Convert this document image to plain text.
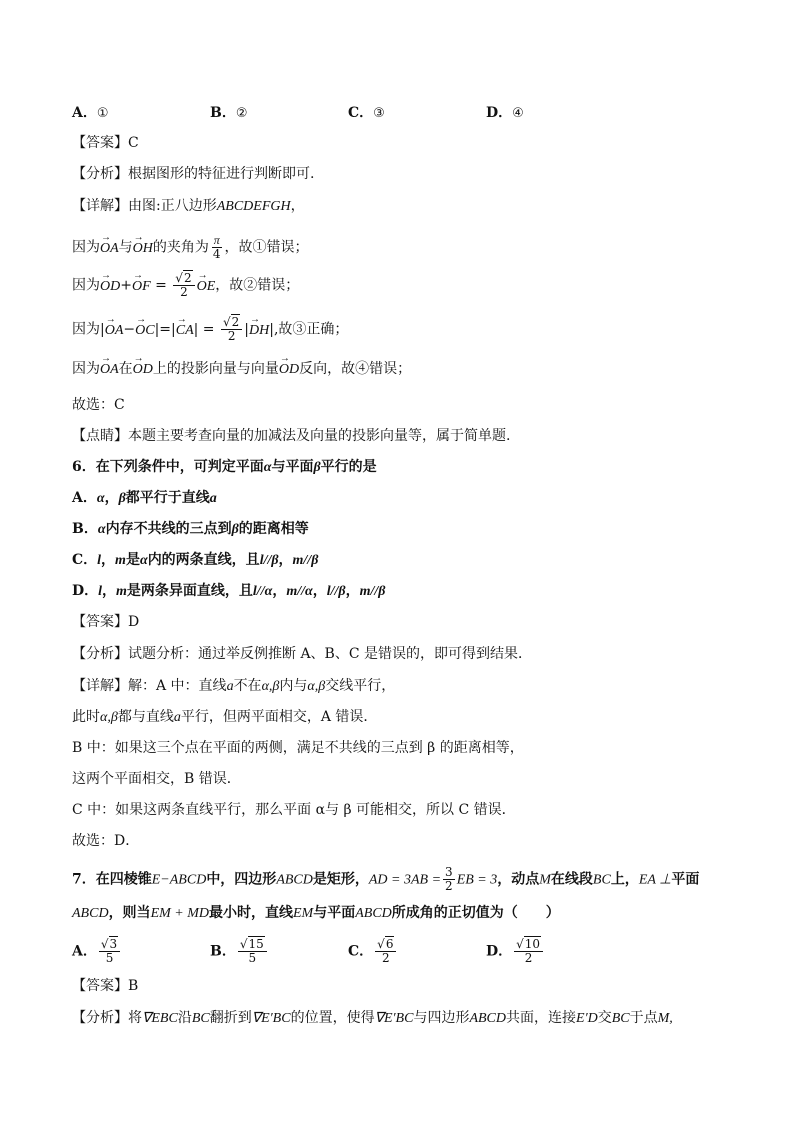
A．①	B．②	C．③	D．④
【答案】C
【分析】根据图形的特征进行判断即可.
【详解】由图:正八边形ABCDEFGH，
因为→ OA与→ OH的夹角为 $\frac{\pi}{4}$ ，故①错误；
因为→ OD+→ OF = $\frac{√2}{2}$
→ OE，故②错误；
因为|→ $OA-\to OC|=|\to CA| = \frac{√2}{2}$ |→ DH|,故③正确；
因为→ OA在→ OD上的投影向量与向量→ OD反向，故④错误；
故选：C
【点睛】本题主要考查向量的加减法及向量的投影向量等，属于简单题.
6．在下列条件中，可判定平面α与平面β平行的是
A．α，β都平行于直线a
B．α内存不共线的三点到β的距离相等
C．l，m是α内的两条直线，且l//β，m//β
D．l，m是两条异面直线，且l//α，m//α，l//β，m//β
【答案】D
【分析】试题分析：通过举反例推断 A、B、C 是错误的，即可得到结果．
【详解】解：A 中：直线a不在α,β内与α,β交线平行，
此时α,β都与直线a平行，但两平面相交，A 错误．
B 中：如果这三个点在平面的两侧，满足不共线的三点到 β 的距离相等，
这两个平面相交，B 错误．
C 中：如果这两条直线平行，那么平面 α与 β 可能相交，所以 C 错误．
故选：D．
7．在四棱锥E−ABCD中，四边形ABCD是矩形，AD = $3AB = \frac{3}{2}$ EB = 3，动点M在线段BC上，EA ⊥平面
ABCD，则当EM + MD最小时，直线EM与平面ABCD所成角的正切值为（　　）
A． $\frac{√3}{5}$	B． $\frac{√15}{5}$	C． $\frac{√6}{2}$	D． $\frac{√10}{2}$
【答案】B
【分析】将∇EBC沿BC翻折到∇E′BC的位置，使得∇E′BC与四边形ABCD共面，连接E′D交BC于点M,
